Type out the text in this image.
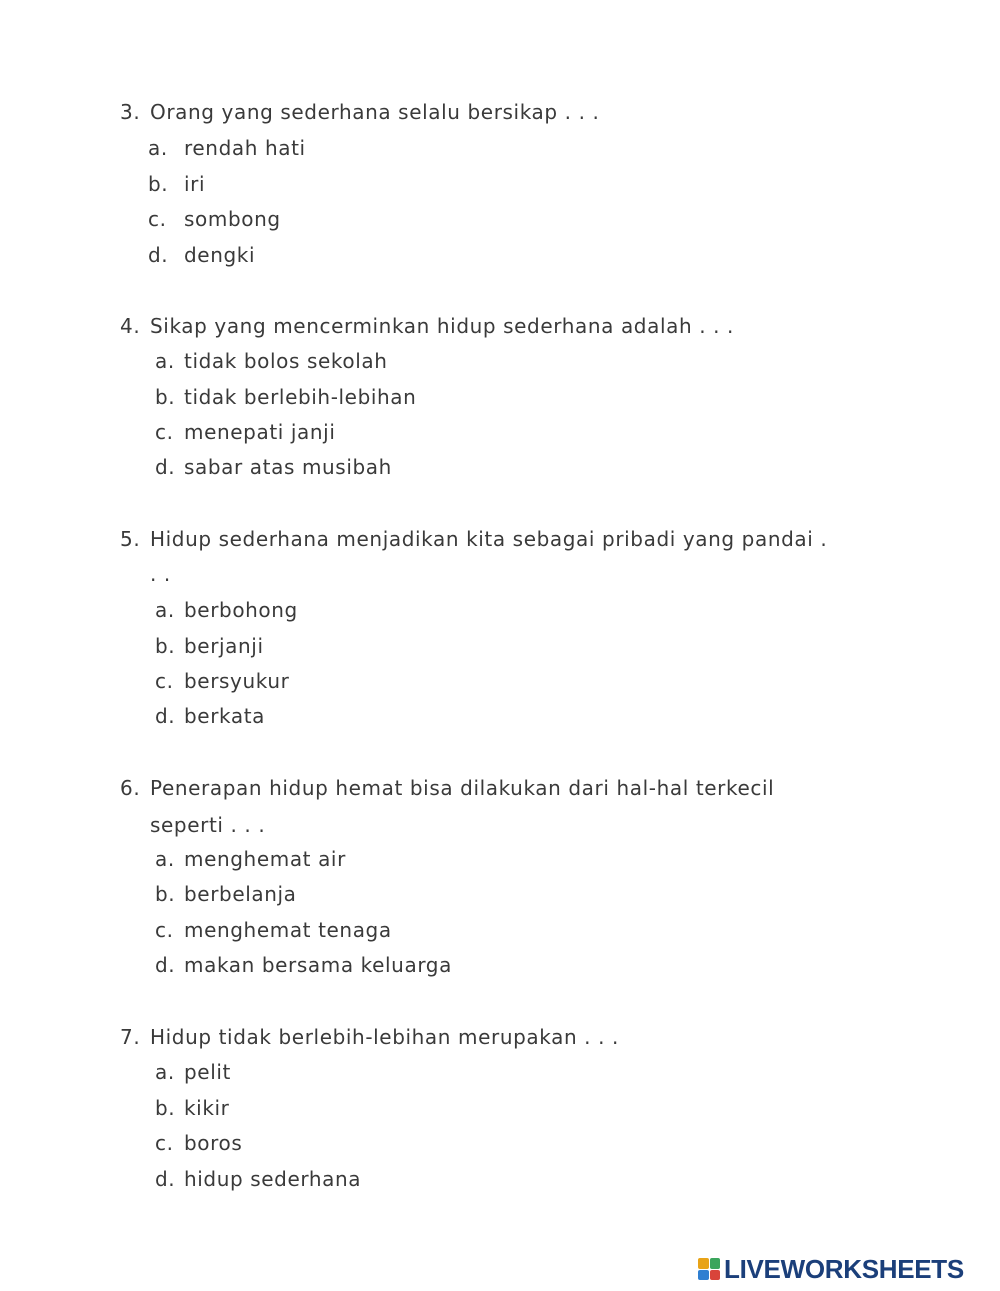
3. Orang yang sederhana selalu bersikap . . .
a. rendah hati
b. iri
c. sombong
d. dengki
4. Sikap yang mencerminkan hidup sederhana adalah . . .
a. tidak bolos sekolah
b. tidak berlebih-lebihan
c. menepati janji
d. sabar atas musibah
5. Hidup sederhana menjadikan kita sebagai pribadi yang pandai .
. .
a. berbohong
b. berjanji
c. bersyukur
d. berkata
6. Penerapan hidup hemat bisa dilakukan dari hal-hal terkecil
seperti . . .
a. menghemat air
b. berbelanja
c. menghemat tenaga
d. makan bersama keluarga
7. Hidup tidak berlebih-lebihan merupakan . . .
a. pelit
b. kikir
c. boros
d. hidup sederhana
LIVEWORKSHEETS
